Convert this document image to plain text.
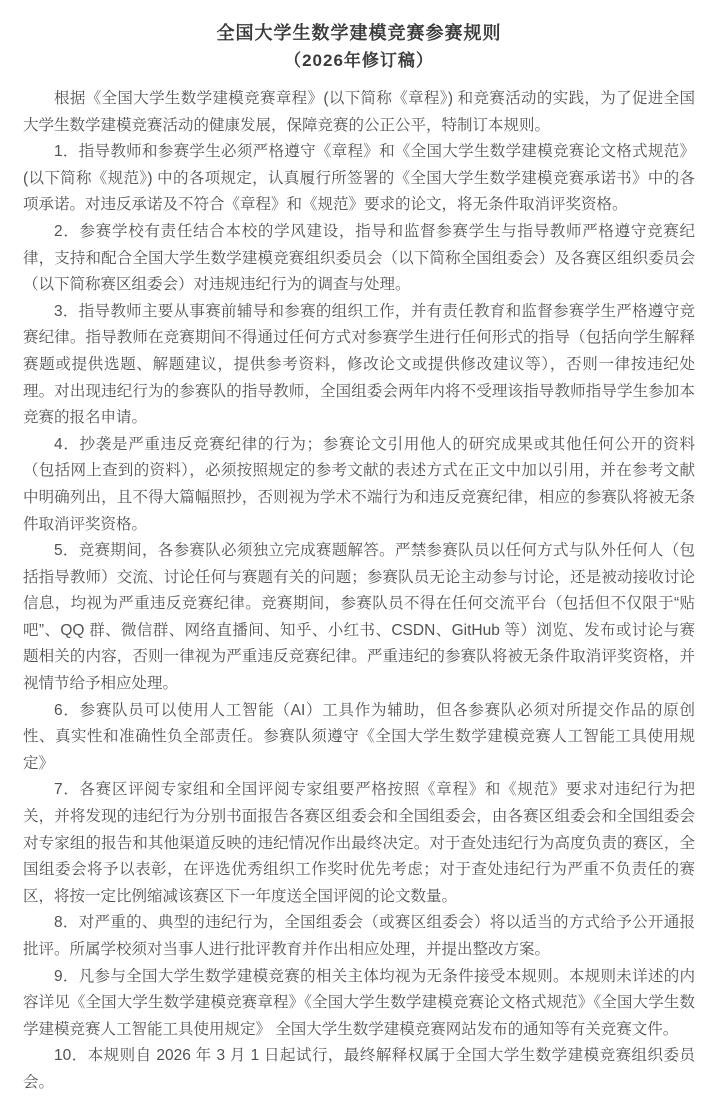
全国大学生数学建模竞赛参赛规则
（2026年修订稿）

根据《全国大学生数学建模竞赛章程》(以下简称《章程》) 和竞赛活动的实践，为了促进全国大学生数学建模竞赛活动的健康发展，保障竞赛的公正公平，特制订本规则。

1．指导教师和参赛学生必须严格遵守《章程》和《全国大学生数学建模竞赛论文格式规范》(以下简称《规范》) 中的各项规定，认真履行所签署的《全国大学生数学建模竞赛承诺书》中的各项承诺。对违反承诺及不符合《章程》和《规范》要求的论文，将无条件取消评奖资格。

2．参赛学校有责任结合本校的学风建设，指导和监督参赛学生与指导教师严格遵守竞赛纪律，支持和配合全国大学生数学建模竞赛组织委员会（以下简称全国组委会）及各赛区组织委员会（以下简称赛区组委会）对违规违纪行为的调查与处理。

3．指导教师主要从事赛前辅导和参赛的组织工作，并有责任教育和监督参赛学生严格遵守竞赛纪律。指导教师在竞赛期间不得通过任何方式对参赛学生进行任何形式的指导（包括向学生解释赛题或提供选题、解题建议，提供参考资料，修改论文或提供修改建议等），否则一律按违纪处理。对出现违纪行为的参赛队的指导教师，全国组委会两年内将不受理该指导教师指导学生参加本竞赛的报名申请。

4．抄袭是严重违反竞赛纪律的行为；参赛论文引用他人的研究成果或其他任何公开的资料（包括网上查到的资料），必须按照规定的参考文献的表述方式在正文中加以引用，并在参考文献中明确列出，且不得大篇幅照抄，否则视为学术不端行为和违反竞赛纪律，相应的参赛队将被无条件取消评奖资格。

5．竞赛期间，各参赛队必须独立完成赛题解答。严禁参赛队员以任何方式与队外任何人（包括指导教师）交流、讨论任何与赛题有关的问题；参赛队员无论主动参与讨论，还是被动接收讨论信息，均视为严重违反竞赛纪律。竞赛期间，参赛队员不得在任何交流平台（包括但不仅限于“贴吧”、QQ 群、微信群、网络直播间、知乎、小红书、CSDN、GitHub 等）浏览、发布或讨论与赛题相关的内容，否则一律视为严重违反竞赛纪律。严重违纪的参赛队将被无条件取消评奖资格，并视情节给予相应处理。

6．参赛队员可以使用人工智能（AI）工具作为辅助，但各参赛队必须对所提交作品的原创性、真实性和准确性负全部责任。参赛队须遵守《全国大学生数学建模竞赛人工智能工具使用规定》

7．各赛区评阅专家组和全国评阅专家组要严格按照《章程》和《规范》要求对违纪行为把关，并将发现的违纪行为分别书面报告各赛区组委会和全国组委会，由各赛区组委会和全国组委会对专家组的报告和其他渠道反映的违纪情况作出最终决定。对于查处违纪行为高度负责的赛区，全国组委会将予以表彰，在评选优秀组织工作奖时优先考虑；对于查处违纪行为严重不负责任的赛区，将按一定比例缩减该赛区下一年度送全国评阅的论文数量。

8．对严重的、典型的违纪行为，全国组委会（或赛区组委会）将以适当的方式给予公开通报批评。所属学校须对当事人进行批评教育并作出相应处理，并提出整改方案。

9．凡参与全国大学生数学建模竞赛的相关主体均视为无条件接受本规则。本规则未详述的内容详见《全国大学生数学建模竞赛章程》《全国大学生数学建模竞赛论文格式规范》《全国大学生数学建模竞赛人工智能工具使用规定》 全国大学生数学建模竞赛网站发布的通知等有关竞赛文件。

10．本规则自 2026 年 3 月 1 日起试行，最终解释权属于全国大学生数学建模竞赛组织委员会。
